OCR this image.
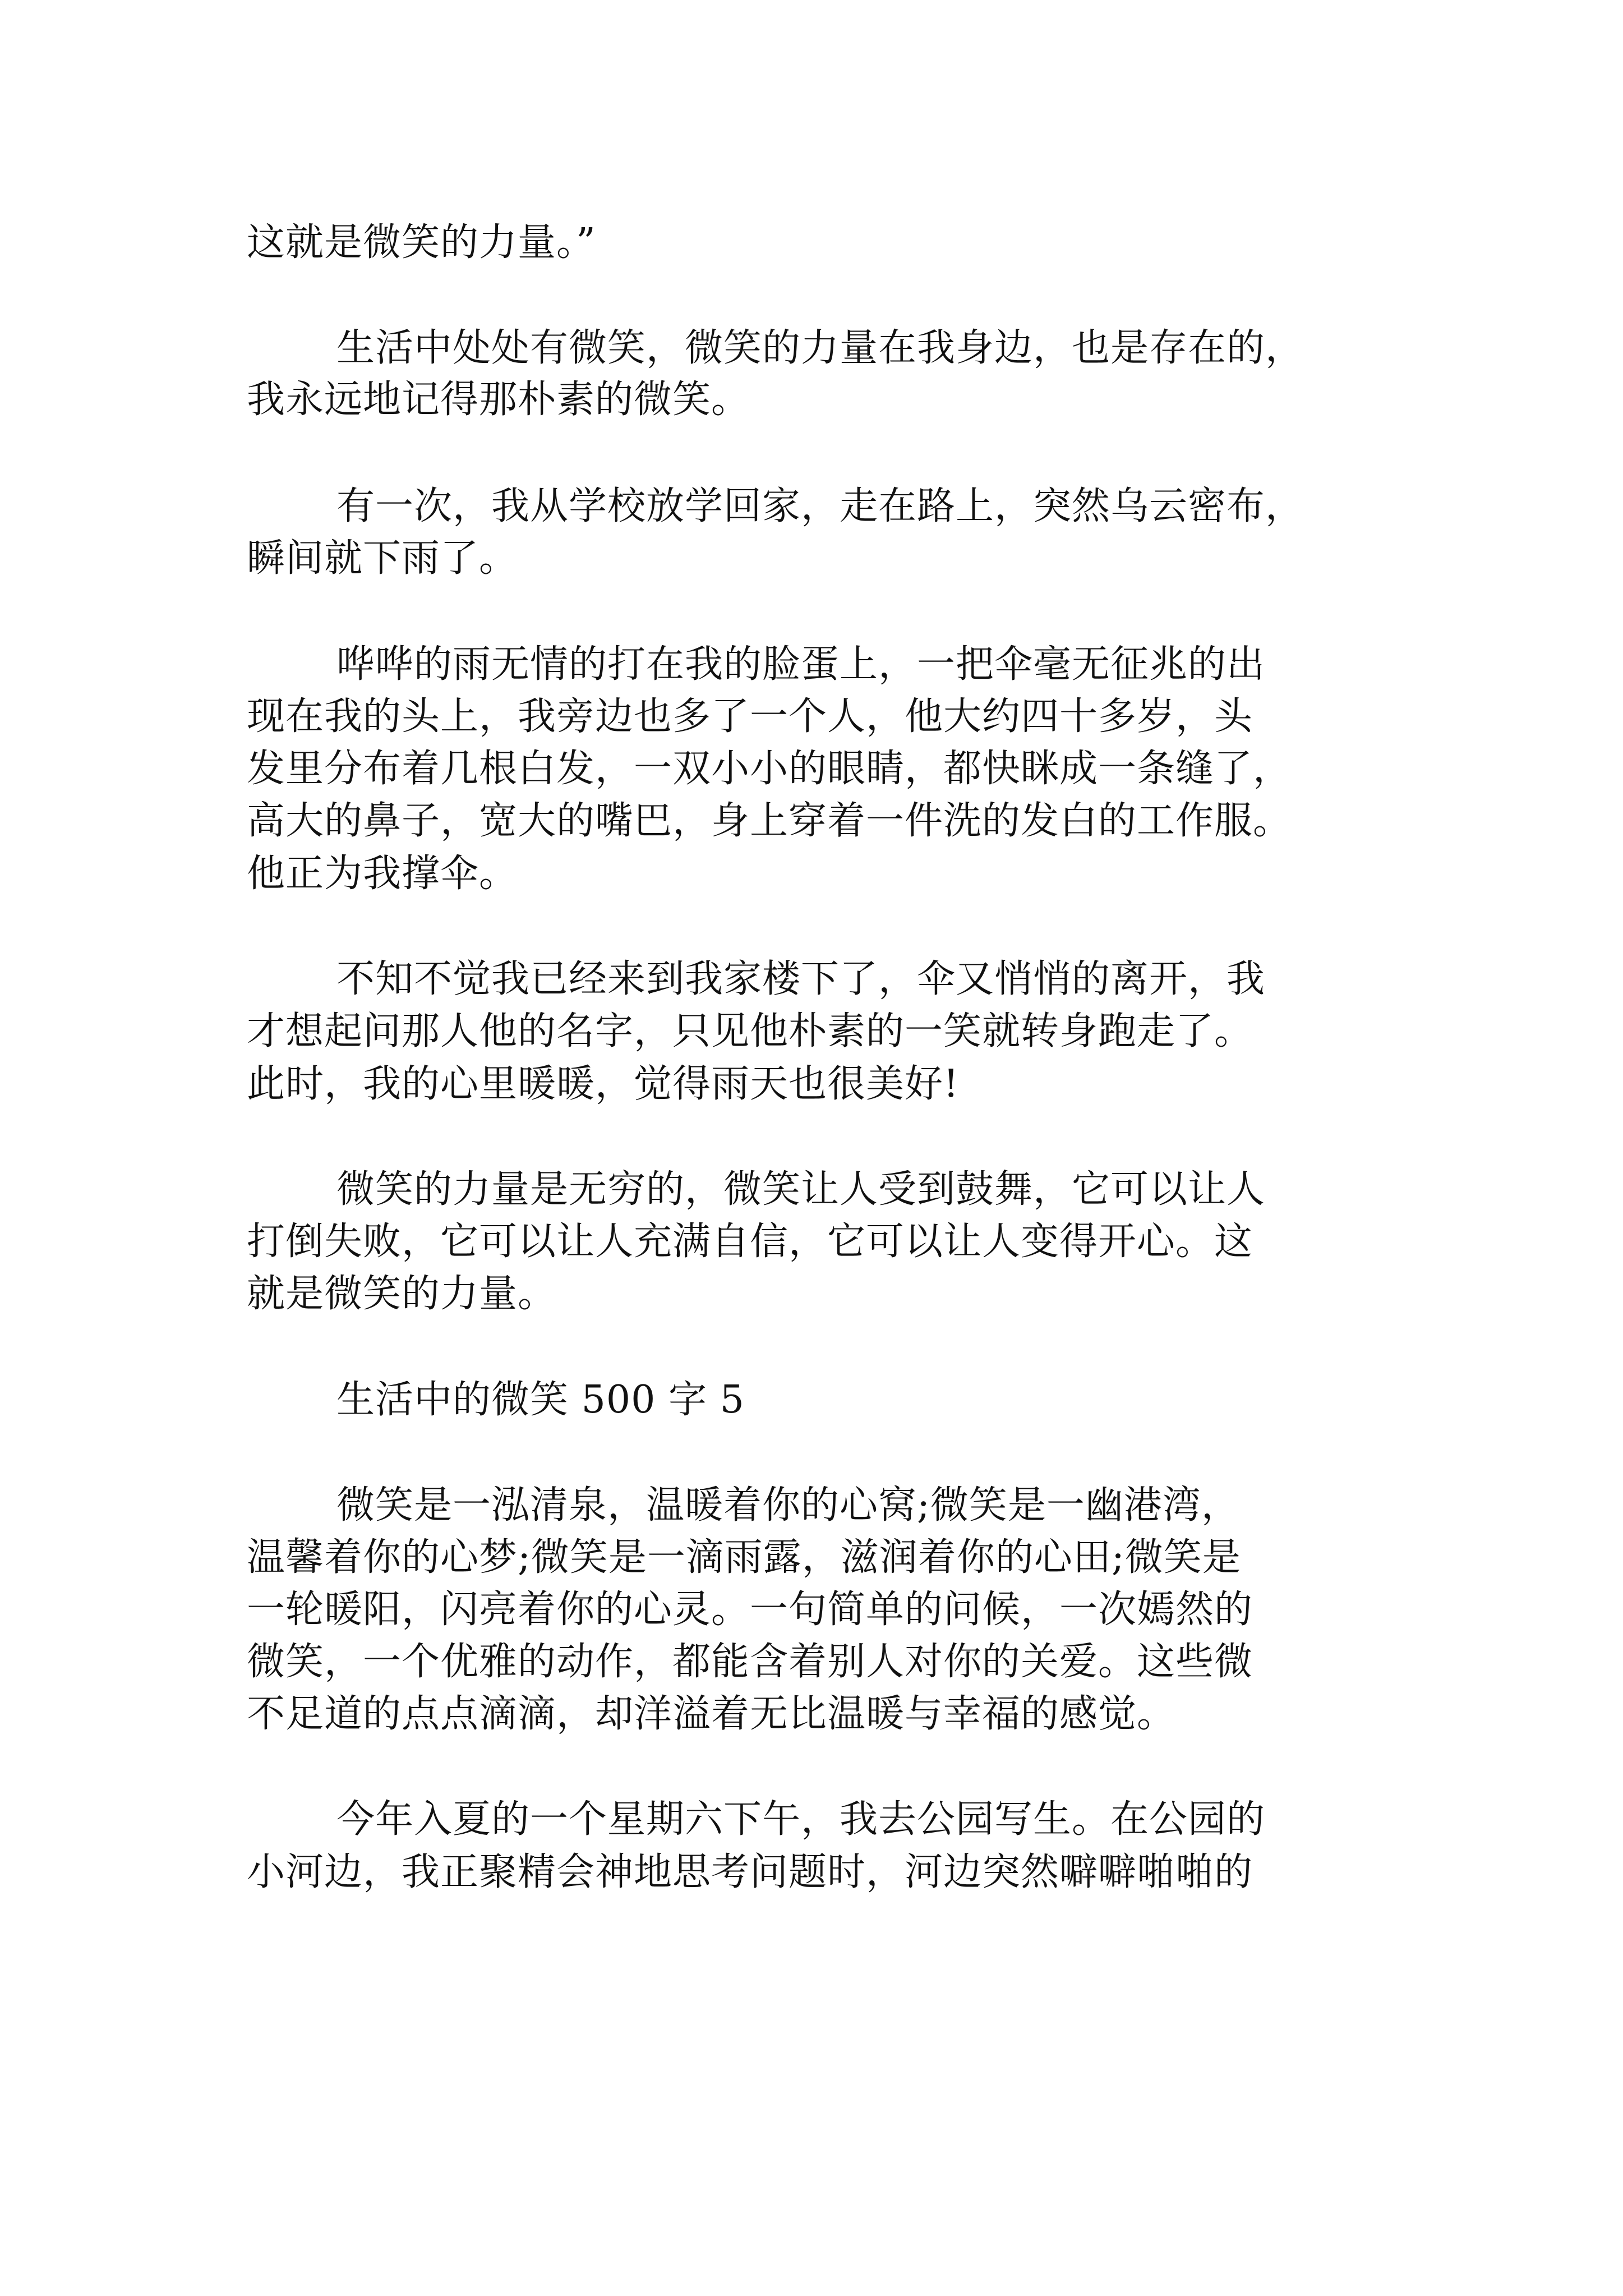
这就是微笑的力量。”
生活中处处有微笑，微笑的力量在我身边，也是存在的，
我永远地记得那朴素的微笑。
有一次，我从学校放学回家，走在路上，突然乌云密布，
瞬间就下雨了。
哗哗的雨无情的打在我的脸蛋上，一把伞毫无征兆的出
现在我的头上，我旁边也多了一个人，他大约四十多岁，头
发里分布着几根白发，一双小小的眼睛，都快眯成一条缝了，
高大的鼻子，宽大的嘴巴，身上穿着一件洗的发白的工作服。
他正为我撑伞。
不知不觉我已经来到我家楼下了，伞又悄悄的离开，我
才想起问那人他的名字，只见他朴素的一笑就转身跑走了。
此时，我的心里暖暖，觉得雨天也很美好!
微笑的力量是无穷的，微笑让人受到鼓舞，它可以让人
打倒失败，它可以让人充满自信，它可以让人变得开心。这
就是微笑的力量。
生活中的微笑 500 字 5
微笑是一泓清泉，温暖着你的心窝;微笑是一幽港湾，
温馨着你的心梦;微笑是一滴雨露，滋润着你的心田;微笑是
一轮暖阳，闪亮着你的心灵。一句简单的问候，一次嫣然的
微笑，一个优雅的动作，都能含着别人对你的关爱。这些微
不足道的点点滴滴，却洋溢着无比温暖与幸福的感觉。
今年入夏的一个星期六下午，我去公园写生。在公园的
小河边，我正聚精会神地思考问题时，河边突然噼噼啪啪的
